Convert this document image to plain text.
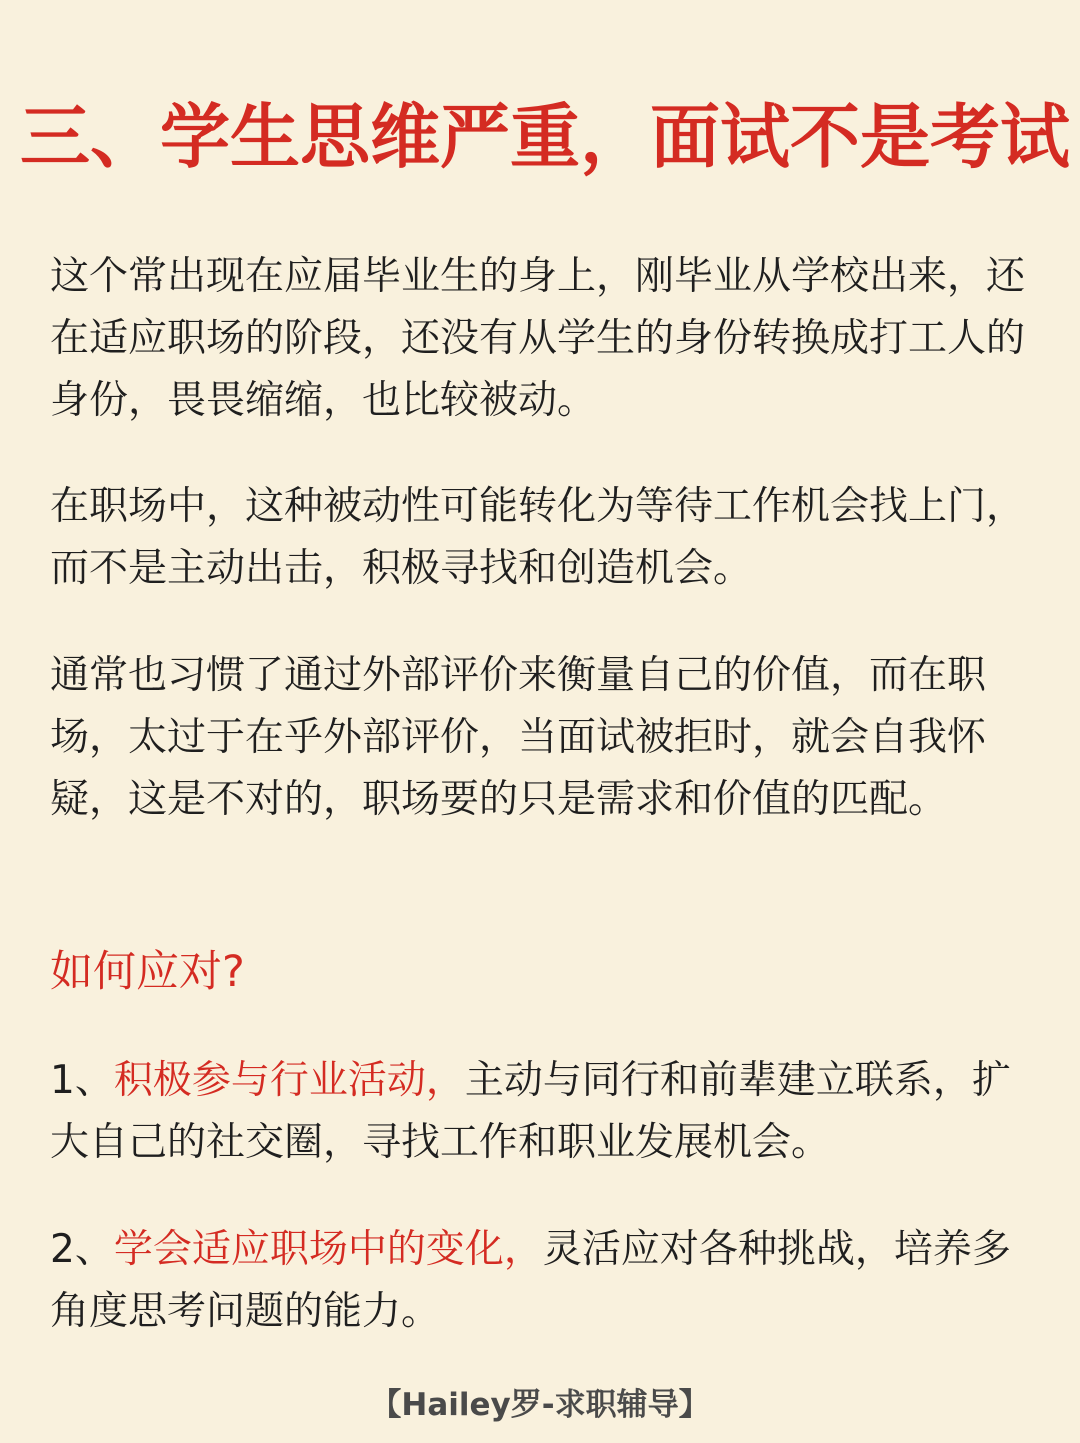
三、学生思维严重，面试不是考试

这个常出现在应届毕业生的身上，刚毕业从学校出来，还在适应职场的阶段，还没有从学生的身份转换成打工人的身份，畏畏缩缩，也比较被动。

在职场中，这种被动性可能转化为等待工作机会找上门，而不是主动出击，积极寻找和创造机会。

通常也习惯了通过外部评价来衡量自己的价值，而在职场，太过于在乎外部评价，当面试被拒时，就会自我怀疑，这是不对的，职场要的只是需求和价值的匹配。

如何应对?

1、积极参与行业活动，主动与同行和前辈建立联系，扩大自己的社交圈，寻找工作和职业发展机会。

2、学会适应职场中的变化，灵活应对各种挑战，培养多角度思考问题的能力。

【Hailey罗-求职辅导】
